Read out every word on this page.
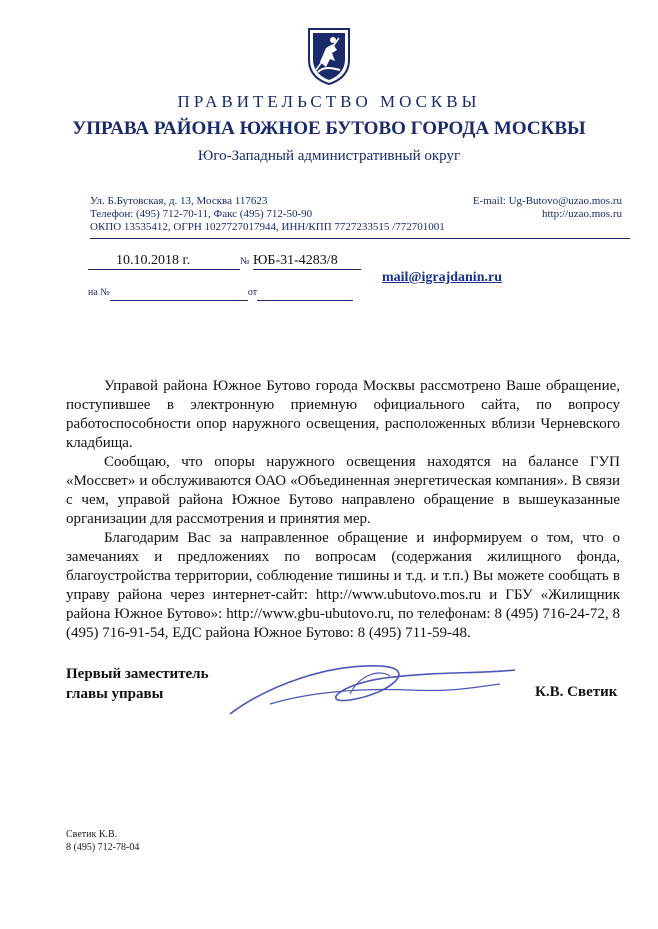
ПРАВИТЕЛЬСТВО МОСКВЫ
УПРАВА РАЙОНА ЮЖНОЕ БУТОВО ГОРОДА МОСКВЫ
Юго-Западный административный округ
Ул. Б.Бутовская, д. 13, Москва 117623
Телефон: (495) 712-70-11, Факс (495) 712-50-90
ОКПО 13535412, ОГРН 1027727017944, ИНН/КПП 7727233515 /772701001
E-mail: Ug-Butovo@uzao.mos.ru
http://uzao.mos.ru
10.10.2018 г.	№ ЮБ-31-4283/8
на №	от
mail@igrajdanin.ru

Управой района Южное Бутово города Москвы рассмотрено Ваше обращение, поступившее в электронную приемную официального сайта, по вопросу работоспособности опор наружного освещения, расположенных вблизи Черневского кладбища.

Сообщаю, что опоры наружного освещения находятся на балансе ГУП «Моссвет» и обслуживаются ОАО «Объединенная энергетическая компания». В связи с чем, управой района Южное Бутово направлено обращение в вышеуказанные организации для рассмотрения и принятия мер.

Благодарим Вас за направленное обращение и информируем о том, что о замечаниях и предложениях по вопросам (содержания жилищного фонда, благоустройства территории, соблюдение тишины и т.д. и т.п.) Вы можете сообщать в управу района через интернет-сайт: http://www.ubutovo.mos.ru и ГБУ «Жилищник района Южное Бутово»: http://www.gbu-ubutovo.ru, по телефонам: 8 (495) 716-24-72, 8 (495) 716-91-54, ЕДС района Южное Бутово: 8 (495) 711-59-48.

Первый заместитель
главы управы	К.В. Светик
Светик К.В.
8 (495) 712-78-04
